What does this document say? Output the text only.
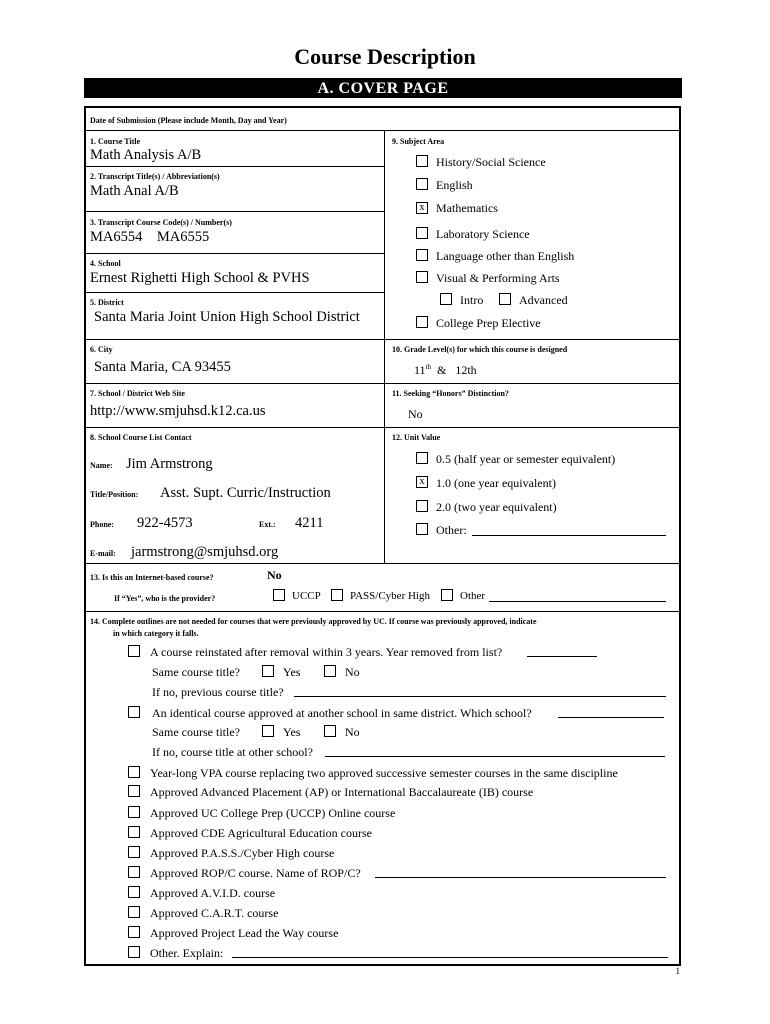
Course Description
A. COVER PAGE
Date of Submission (Please include Month, Day and Year)
1. Course Title
Math Analysis A/B
2. Transcript Title(s) / Abbreviation(s)
Math Anal A/B
3. Transcript Course Code(s) / Number(s)
MA6554    MA6555
4. School
Ernest Righetti High School & PVHS
5. District
Santa Maria Joint Union High School District
6. City
Santa Maria, CA 93455
7. School / District Web Site
http://www.smjuhsd.k12.ca.us
8. School Course List Contact
Name: Jim Armstrong
Title/Position: Asst. Supt. Curric/Instruction
Phone: 922-4573	Ext.: 4211
E-mail: jarmstrong@smjuhsd.org
9. Subject Area
History/Social Science
English
x Mathematics
Laboratory Science
Language other than English
Visual & Performing Arts
Intro	Advanced
College Prep Elective
10. Grade Level(s) for which this course is designed
11th  &   12th
11. Seeking “Honors” Distinction?
No
12. Unit Value
0.5 (half year or semester equivalent)
x 1.0 (one year equivalent)
2.0 (two year equivalent)
Other:
13. Is this an Internet-based course?	No
If “Yes”, who is the provider?	UCCP	PASS/Cyber High	Other
14. Complete outlines are not needed for courses that were previously approved by UC. If course was previously approved, indicate
in which category it falls.
A course reinstated after removal within 3 years. Year removed from list?
Same course title?	Yes	No
If no, previous course title?
An identical course approved at another school in same district. Which school?
Same course title?	Yes	No
If no, course title at other school?
Year-long VPA course replacing two approved successive semester courses in the same discipline
Approved Advanced Placement (AP) or International Baccalaureate (IB) course
Approved UC College Prep (UCCP) Online course
Approved CDE Agricultural Education course
Approved P.A.S.S./Cyber High course
Approved ROP/C course. Name of ROP/C?
Approved A.V.I.D. course
Approved C.A.R.T. course
Approved Project Lead the Way course
Other. Explain:
1
